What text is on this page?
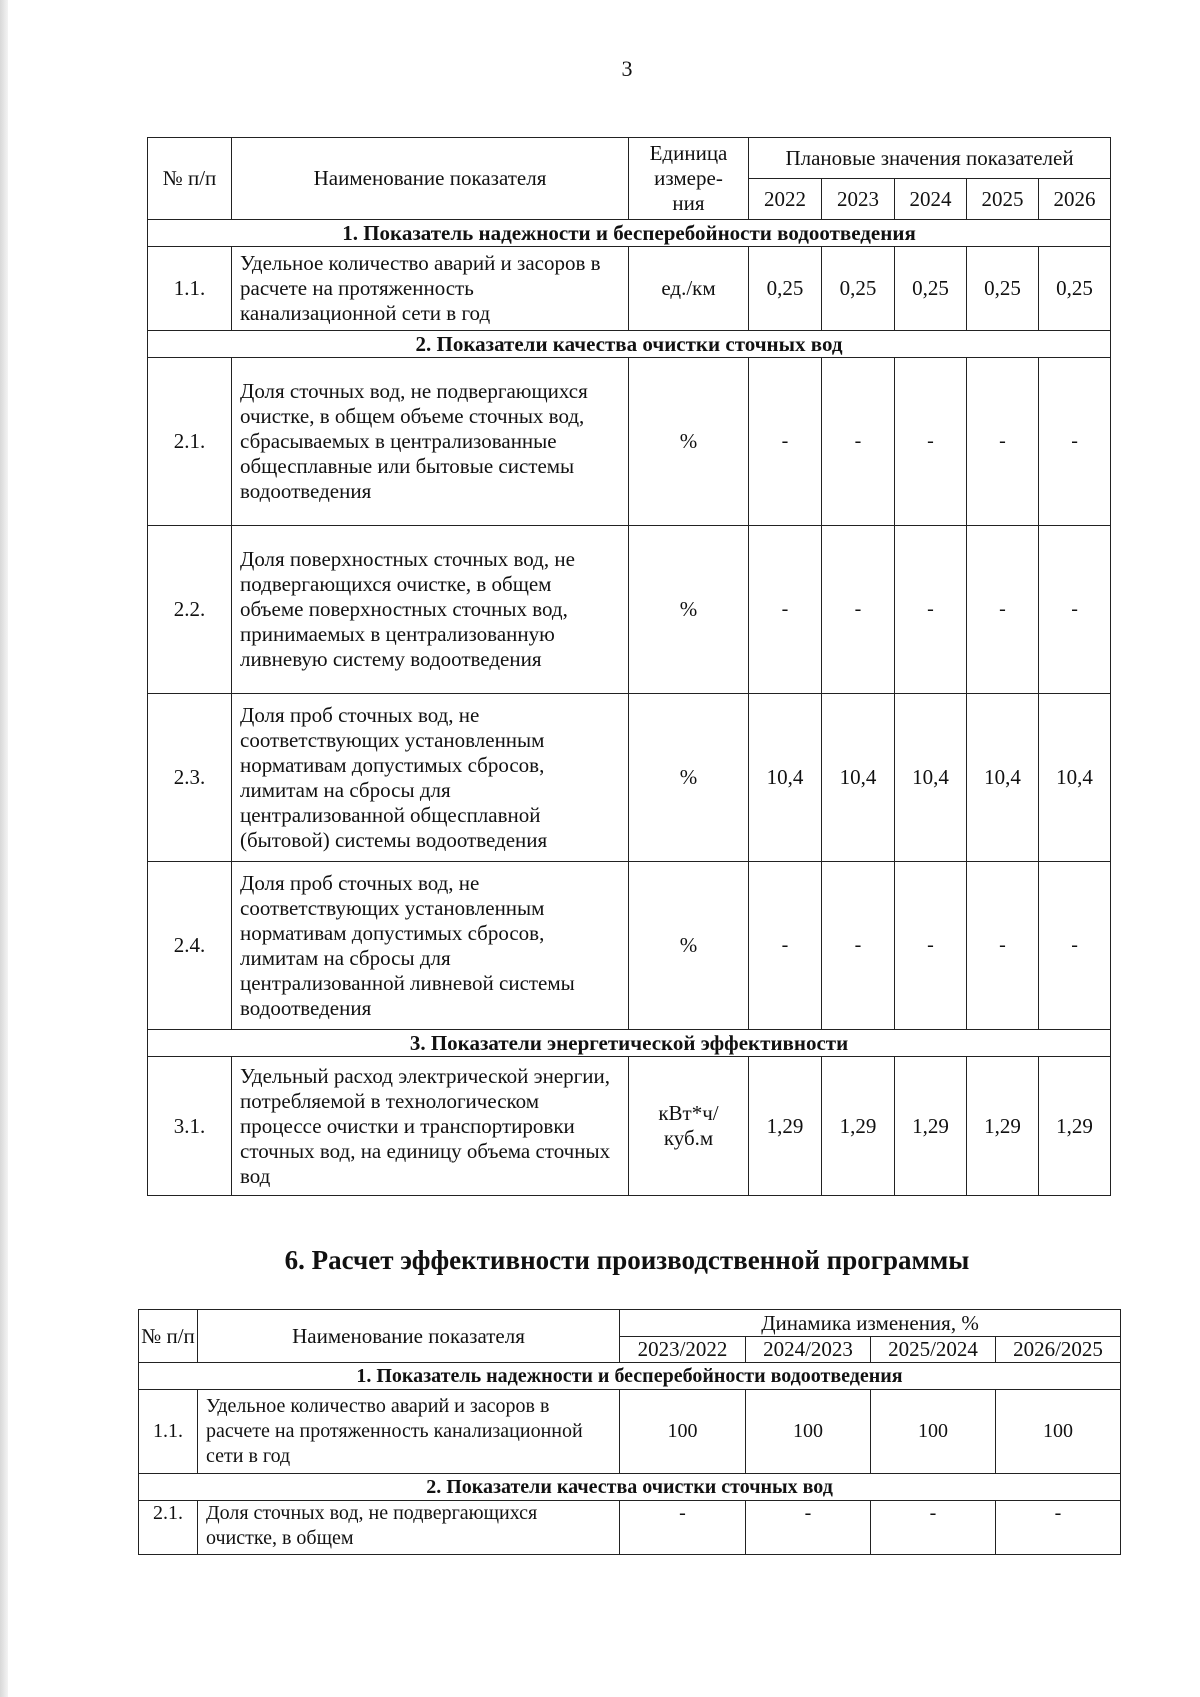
3
№ п/п	Наименование показателя	Единица измере-ния	Плановые значения показателей				
			2022	2023	2024	2025	2026
1. Показатель надежности и бесперебойности водоотведения							
1.1.	Удельное количество аварий и засоров в расчете на протяженность канализационной сети в год	ед./км	0,25	0,25	0,25	0,25	0,25
2. Показатели качества очистки сточных вод							
2.1.	Доля сточных вод, не подвергающихся очистке, в общем объеме сточных вод, сбрасываемых в централизованные общесплавные или бытовые системы водоотведения	%	-	-	-	-	-
2.2.	Доля поверхностных сточных вод, не подвергающихся очистке, в общем объеме поверхностных сточных вод, принимаемых в централизованную ливневую систему водоотведения	%	-	-	-	-	-
2.3.	Доля проб сточных вод, не соответствующих установленным нормативам допустимых сбросов, лимитам на сбросы для централизованной общесплавной (бытовой) системы водоотведения	%	10,4	10,4	10,4	10,4	10,4
2.4.	Доля проб сточных вод, не соответствующих установленным нормативам допустимых сбросов, лимитам на сбросы для централизованной ливневой системы водоотведения	%	-	-	-	-	-
3. Показатели энергетической эффективности							
3.1.	Удельный расход электрической энергии, потребляемой в технологическом процессе очистки и транспортировки сточных вод, на единицу объема сточных вод	кВт*ч/ куб.м	1,29	1,29	1,29	1,29	1,29
6. Расчет эффективности производственной программы
№ п/п	Наименование показателя	Динамика изменения, %			
		2023/2022	2024/2023	2025/2024	2026/2025
1. Показатель надежности и бесперебойности водоотведения					
1.1.	Удельное количество аварий и засоров в расчете на протяженность канализационной сети в год	100	100	100	100
2. Показатели качества очистки сточных вод					
2.1.	Доля сточных вод, не подвергающихся очистке, в общем	-	-	-	-
